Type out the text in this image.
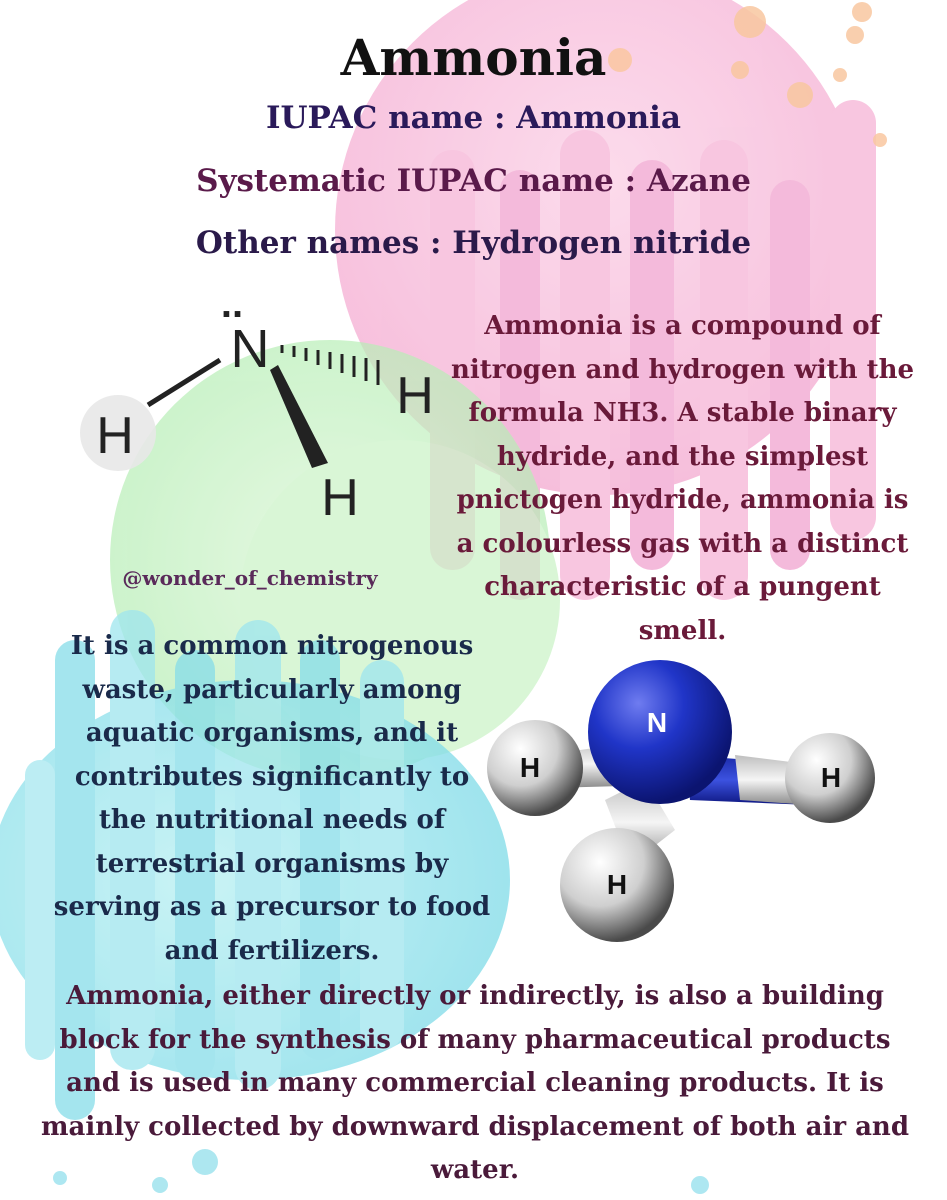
Ammonia
IUPAC name : Ammonia
Systematic IUPAC name : Azane
Other names : Hydrogen nitride
..
N
H
H
H
Ammonia is a compound of nitrogen and hydrogen with the formula NH3. A stable binary hydride, and the simplest pnictogen hydride, ammonia is a colourless gas with a distinct characteristic of a pungent smell.
@wonder_of_chemistry
It is a common nitrogenous waste, particularly among aquatic organisms, and it contributes significantly to the nutritional needs of terrestrial organisms by serving as a precursor to food and fertilizers.
N
H	H
H
Ammonia, either directly or indirectly, is also a building block for the synthesis of many pharmaceutical products and is used in many commercial cleaning products. It is mainly collected by downward displacement of both air and water.
